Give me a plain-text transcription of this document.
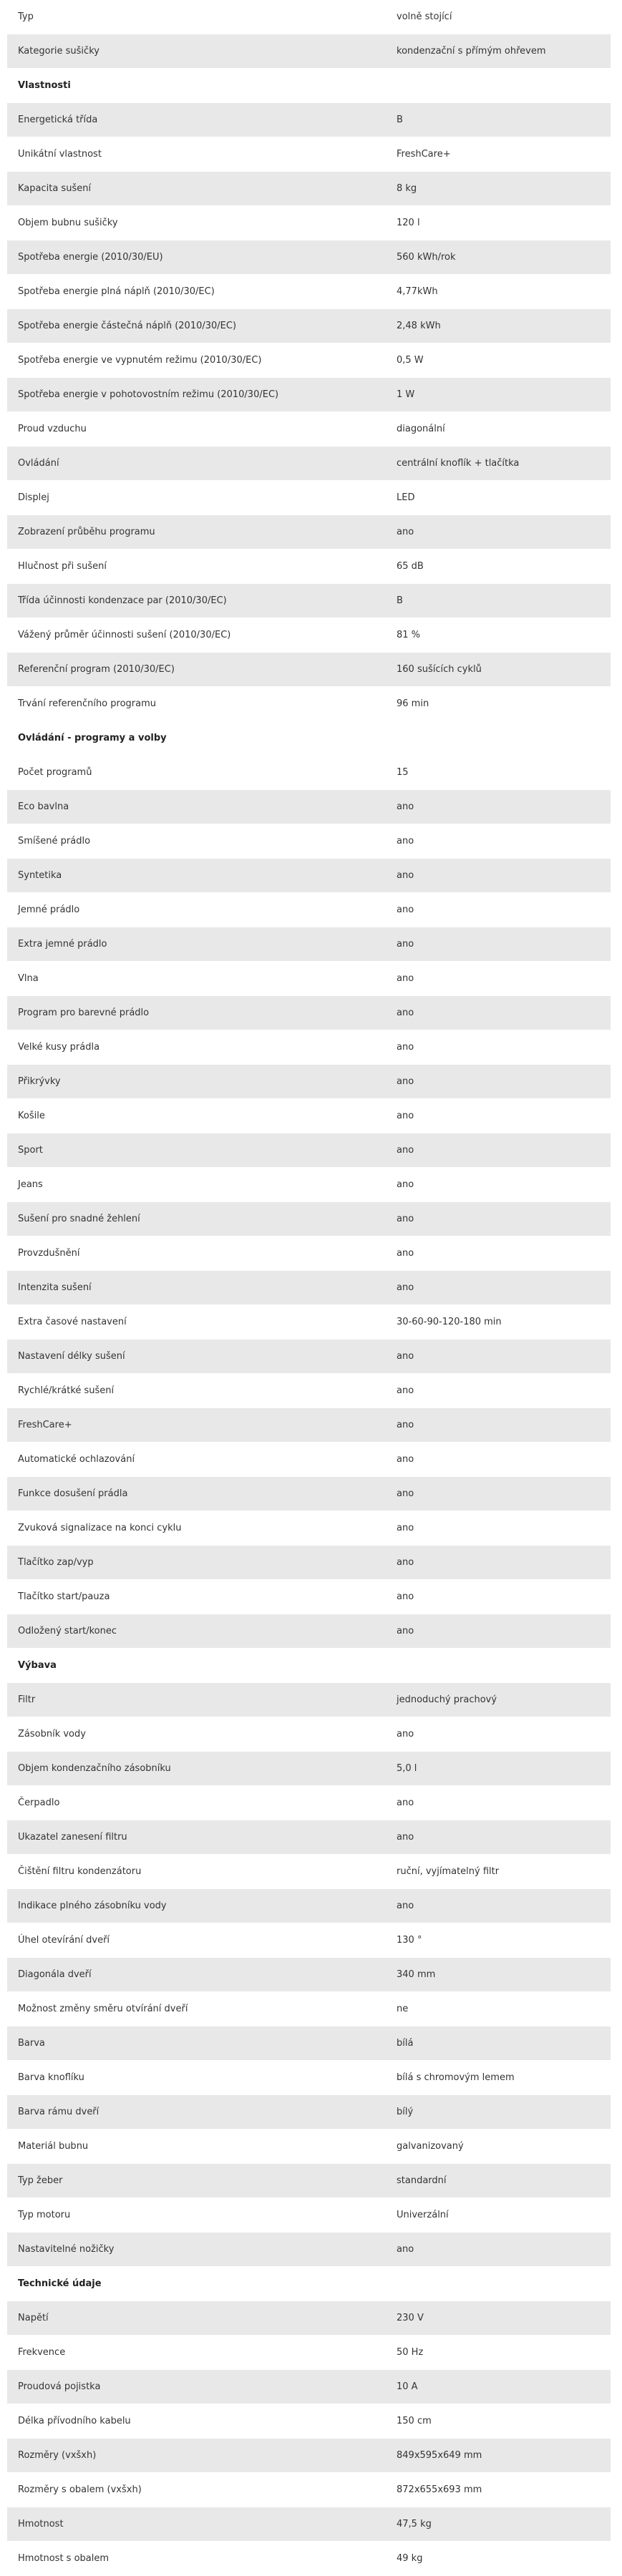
Typ	volně stojící
Kategorie sušičky	kondenzační s přímým ohřevem
Vlastnosti	
Energetická třída	B
Unikátní vlastnost	FreshCare+
Kapacita sušení	8 kg
Objem bubnu sušičky	120 l
Spotřeba energie (2010/30/EU)	560 kWh/rok
Spotřeba energie plná náplň (2010/30/EC)	4,77kWh
Spotřeba energie částečná náplň (2010/30/EC)	2,48 kWh
Spotřeba energie ve vypnutém režimu (2010/30/EC)	0,5 W
Spotřeba energie v pohotovostním režimu (2010/30/EC)	1 W
Proud vzduchu	diagonální
Ovládání	centrální knoflík + tlačítka
Displej	LED
Zobrazení průběhu programu	ano
Hlučnost při sušení	65 dB
Třída účinnosti kondenzace par (2010/30/EC)	B
Vážený průměr účinnosti sušení (2010/30/EC)	81 %
Referenční program (2010/30/EC)	160 sušících cyklů
Trvání referenčního programu	96 min
Ovládání - programy a volby	
Počet programů	15
Eco bavlna	ano
Smíšené prádlo	ano
Syntetika	ano
Jemné prádlo	ano
Extra jemné prádlo	ano
Vlna	ano
Program pro barevné prádlo	ano
Velké kusy prádla	ano
Přikrývky	ano
Košile	ano
Sport	ano
Jeans	ano
Sušení pro snadné žehlení	ano
Provzdušnění	ano
Intenzita sušení	ano
Extra časové nastavení	30-60-90-120-180 min
Nastavení délky sušení	ano
Rychlé/krátké sušení	ano
FreshCare+	ano
Automatické ochlazování	ano
Funkce dosušení prádla	ano
Zvuková signalizace na konci cyklu	ano
Tlačítko zap/vyp	ano
Tlačítko start/pauza	ano
Odložený start/konec	ano
Výbava	
Filtr	jednoduchý prachový
Zásobník vody	ano
Objem kondenzačního zásobníku	5,0 l
Čerpadlo	ano
Ukazatel zanesení filtru	ano
Čištění filtru kondenzátoru	ruční, vyjímatelný filtr
Indikace plného zásobníku vody	ano
Úhel otevírání dveří	130 °
Diagonála dveří	340 mm
Možnost změny směru otvírání dveří	ne
Barva	bílá
Barva knoflíku	bílá s chromovým lemem
Barva rámu dveří	bílý
Materiál bubnu	galvanizovaný
Typ žeber	standardní
Typ motoru	Univerzální
Nastavitelné nožičky	ano
Technické údaje	
Napětí	230 V
Frekvence	50 Hz
Proudová pojistka	10 A
Délka přívodního kabelu	150 cm
Rozměry (vxšxh)	849x595x649 mm
Rozměry s obalem (vxšxh)	872x655x693 mm
Hmotnost	47,5 kg
Hmotnost s obalem	49 kg
